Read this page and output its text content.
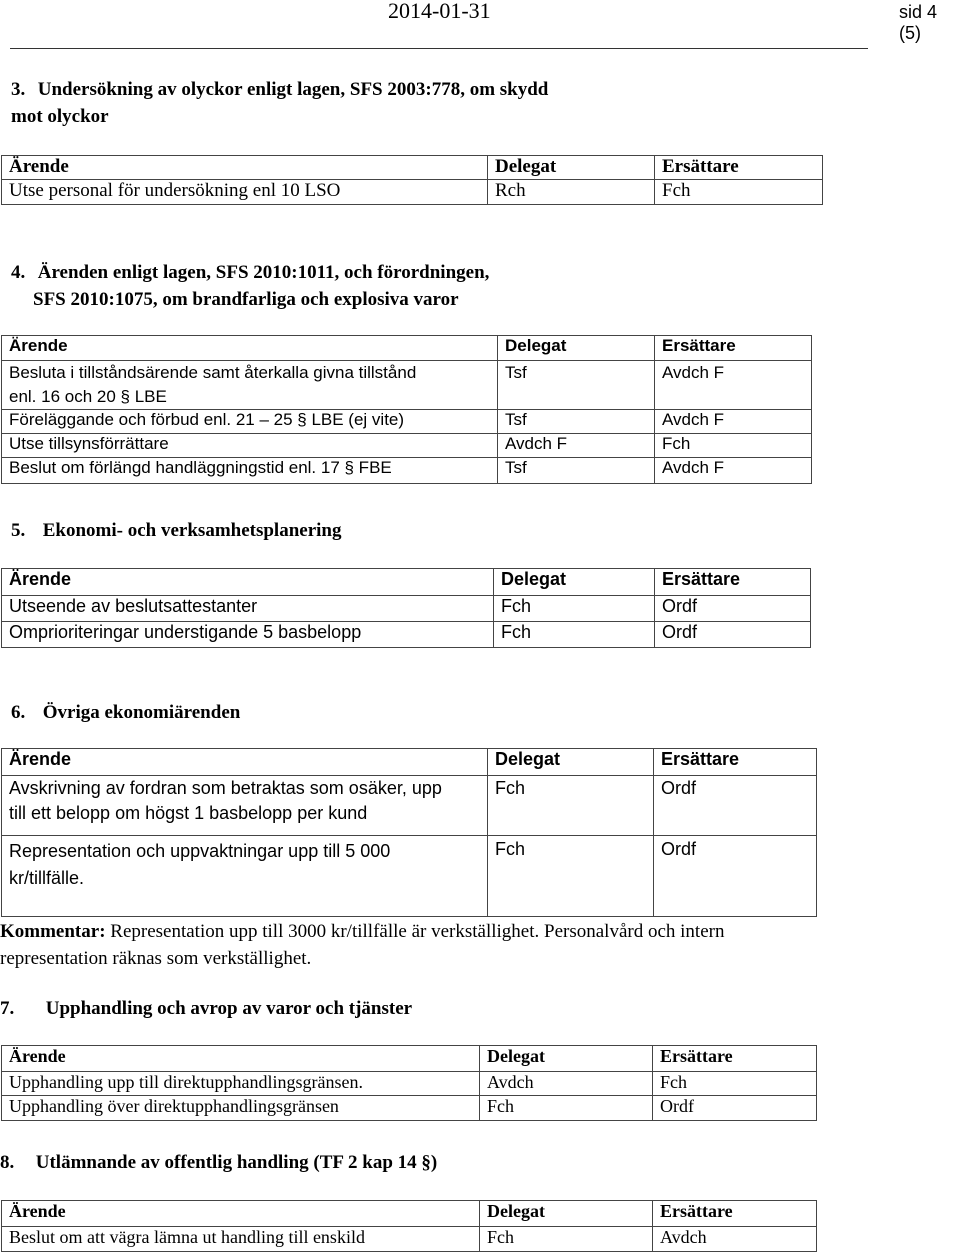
2014-01-31	sid 4 (5)
3. Undersökning av olyckor enligt lagen, SFS 2003:778, om skydd
mot olyckor
Ärende	Delegat	Ersättare
Utse personal för undersökning enl 10 LSO	Rch	Fch
4. Ärenden enligt lagen, SFS 2010:1011, och förordningen,
SFS 2010:1075, om brandfarliga och explosiva varor
Ärende	Delegat	Ersättare
Besluta i tillståndsärende samt återkalla givna tillstånd
enl. 16 och 20 § LBE	Tsf	Avdch F
Föreläggande och förbud enl. 21 – 25 § LBE (ej vite)	Tsf	Avdch F
Utse tillsynsförrättare	Avdch F	Fch
Beslut om förlängd handläggningstid enl. 17 § FBE	Tsf	Avdch F
5. Ekonomi- och verksamhetsplanering
Ärende	Delegat	Ersättare
Utseende av beslutsattestanter	Fch	Ordf
Omprioriteringar understigande 5 basbelopp	Fch	Ordf
6. Övriga ekonomiärenden
Ärende	Delegat	Ersättare
Avskrivning av fordran som betraktas som osäker, upp
till ett belopp om högst 1 basbelopp per kund	Fch	Ordf
Representation och uppvaktningar upp till 5 000
kr/tillfälle.	Fch	Ordf
Kommentar: Representation upp till 3000 kr/tillfälle är verkställighet. Personalvård och intern
representation räknas som verkställighet.
7. Upphandling och avrop av varor och tjänster
Ärende	Delegat	Ersättare
Upphandling upp till direktupphandlingsgränsen.	Avdch	Fch
Upphandling över direktupphandlingsgränsen	Fch	Ordf
8. Utlämnande av offentlig handling (TF 2 kap 14 §)
Ärende	Delegat	Ersättare
Beslut om att vägra lämna ut handling till enskild	Fch	Avdch
